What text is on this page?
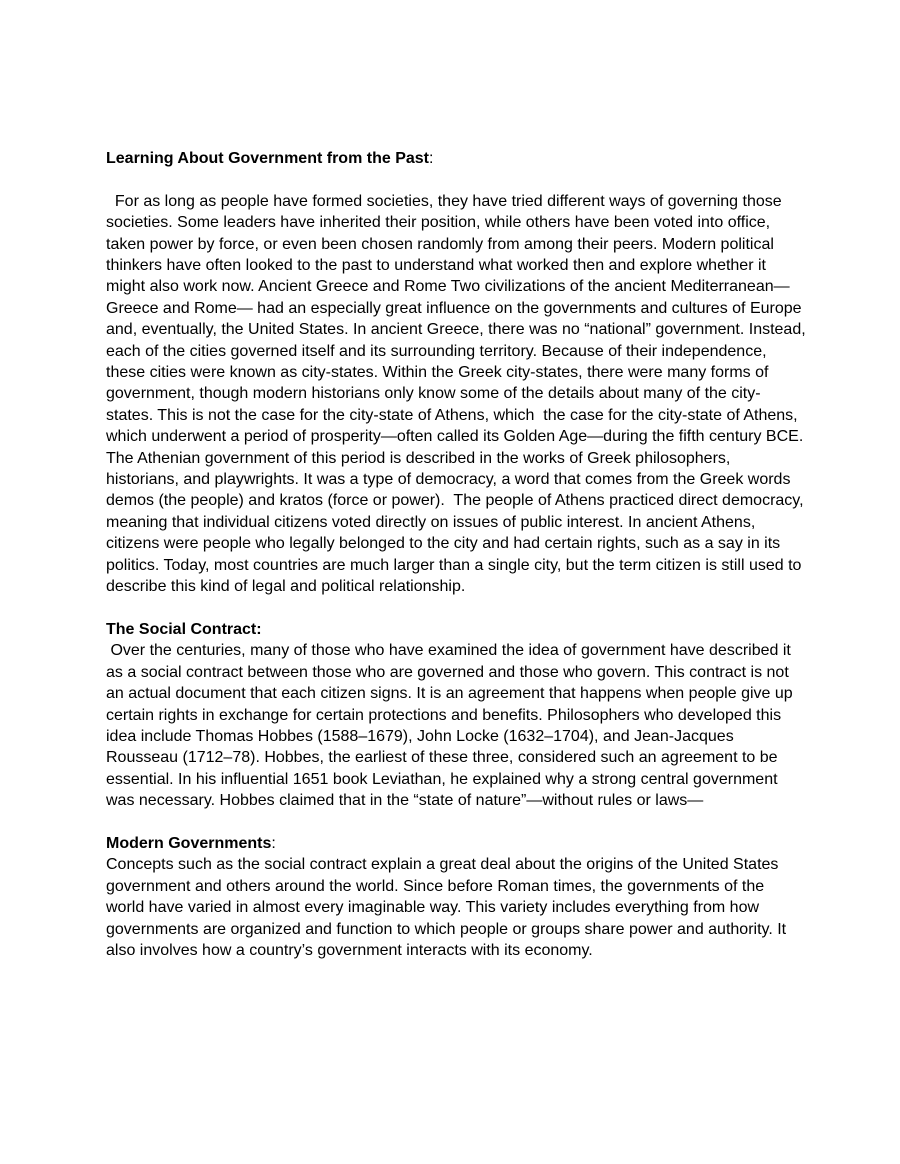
Learning About Government from the Past:

For as long as people have formed societies, they have tried different ways of governing those societies. Some leaders have inherited their position, while others have been voted into office, taken power by force, or even been chosen randomly from among their peers. Modern political thinkers have often looked to the past to understand what worked then and explore whether it might also work now. Ancient Greece and Rome Two civilizations of the ancient Mediterranean—Greece and Rome— had an especially great influence on the governments and cultures of Europe and, eventually, the United States. In ancient Greece, there was no “national” government. Instead, each of the cities governed itself and its surrounding territory. Because of their independence, these cities were known as city-states. Within the Greek city-states, there were many forms of government, though modern historians only know some of the details about many of the city-states. This is not the case for the city-state of Athens, which  the case for the city-state of Athens, which underwent a period of prosperity—often called its Golden Age—during the fifth century BCE. The Athenian government of this period is described in the works of Greek philosophers, historians, and playwrights. It was a type of democracy, a word that comes from the Greek words demos (the people) and kratos (force or power).  The people of Athens practiced direct democracy, meaning that individual citizens voted directly on issues of public interest. In ancient Athens, citizens were people who legally belonged to the city and had certain rights, such as a say in its politics. Today, most countries are much larger than a single city, but the term citizen is still used to describe this kind of legal and political relationship.

The Social Contract:

Over the centuries, many of those who have examined the idea of government have described it as a social contract between those who are governed and those who govern. This contract is not an actual document that each citizen signs. It is an agreement that happens when people give up certain rights in exchange for certain protections and benefits. Philosophers who developed this idea include Thomas Hobbes (1588–1679), John Locke (1632–1704), and Jean-Jacques Rousseau (1712–78). Hobbes, the earliest of these three, considered such an agreement to be essential. In his influential 1651 book Leviathan, he explained why a strong central government was necessary. Hobbes claimed that in the “state of nature”—without rules or laws—

Modern Governments:

Concepts such as the social contract explain a great deal about the origins of the United States government and others around the world. Since before Roman times, the governments of the world have varied in almost every imaginable way. This variety includes everything from how governments are organized and function to which people or groups share power and authority. It also involves how a country’s government interacts with its economy.
